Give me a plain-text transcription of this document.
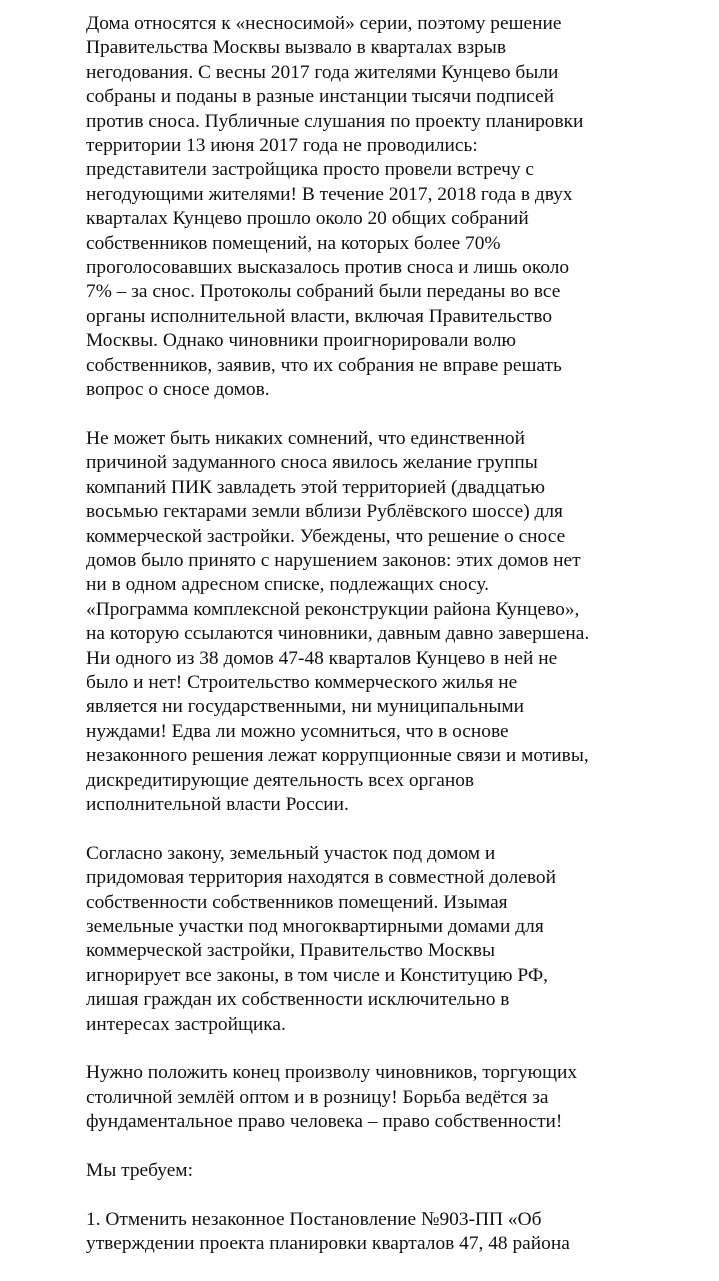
Дома относятся к «несносимой» серии, поэтому решение
Правительства Москвы вызвало в кварталах взрыв
негодования. С весны 2017 года жителями Кунцево были
собраны и поданы в разные инстанции тысячи подписей
против сноса. Публичные слушания по проекту планировки
территории 13 июня 2017 года не проводились:
представители застройщика просто провели встречу с
негодующими жителями! В течение 2017, 2018 года в двух
кварталах Кунцево прошло около 20 общих собраний
собственников помещений, на которых более 70%
проголосовавших высказалось против сноса и лишь около
7% – за снос. Протоколы собраний были переданы во все
органы исполнительной власти, включая Правительство
Москвы. Однако чиновники проигнорировали волю
собственников, заявив, что их собрания не вправе решать
вопрос о сносе домов.
Не может быть никаких сомнений, что единственной
причиной задуманного сноса явилось желание группы
компаний ПИК завладеть этой территорией (двадцатью
восьмью гектарами земли вблизи Рублёвского шоссе) для
коммерческой застройки. Убеждены, что решение о сносе
домов было принято с нарушением законов: этих домов нет
ни в одном адресном списке, подлежащих сносу.
«Программа комплексной реконструкции района Кунцево»,
на которую ссылаются чиновники, давным давно завершена.
Ни одного из 38 домов 47-48 кварталов Кунцево в ней не
было и нет! Строительство коммерческого жилья не
является ни государственными, ни муниципальными
нуждами! Едва ли можно усомниться, что в основе
незаконного решения лежат коррупционные связи и мотивы,
дискредитирующие деятельность всех органов
исполнительной власти России.
Согласно закону, земельный участок под домом и
придомовая территория находятся в совместной долевой
собственности собственников помещений. Изымая
земельные участки под многоквартирными домами для
коммерческой застройки, Правительство Москвы
игнорирует все законы, в том числе и Конституцию РФ,
лишая граждан их собственности исключительно в
интересах застройщика.
Нужно положить конец произволу чиновников, торгующих
столичной землёй оптом и в розницу! Борьба ведётся за
фундаментальное право человека – право собственности!
Мы требуем:
1. Отменить незаконное Постановление №903-ПП «Об
утверждении проекта планировки кварталов 47, 48 района
